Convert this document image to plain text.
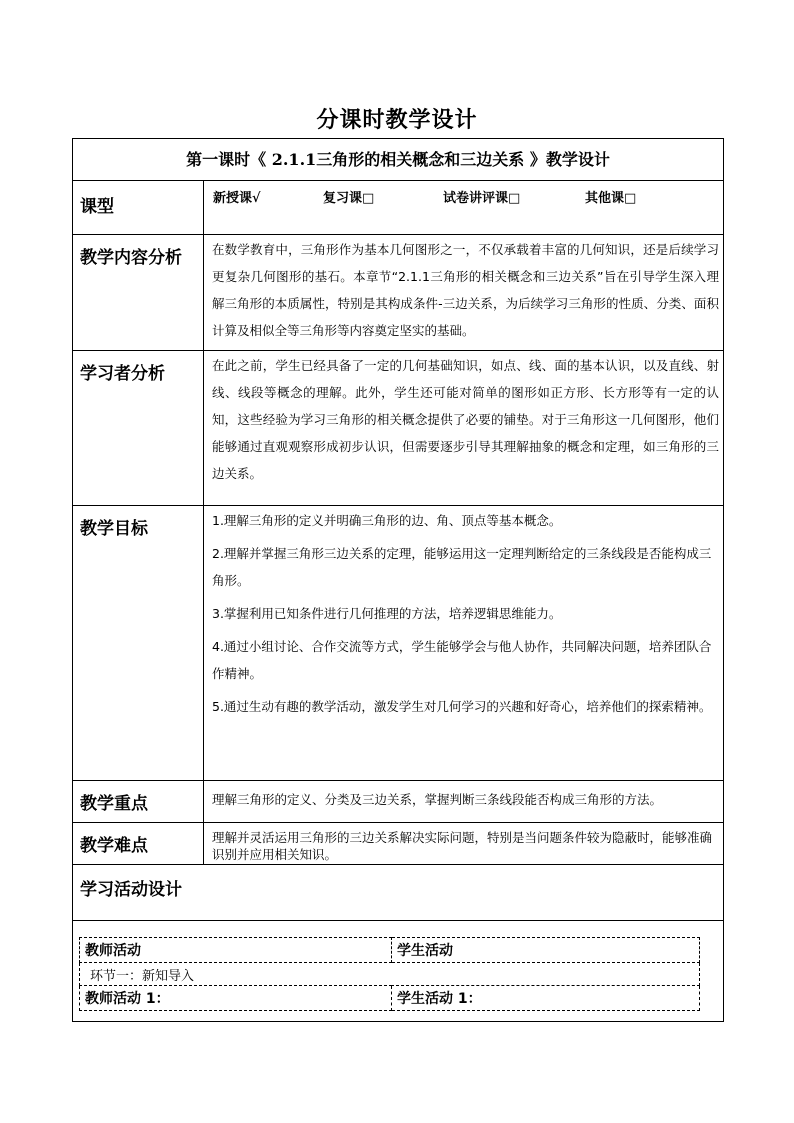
分课时教学设计
第一课时《 2.1.1三角形的相关概念和三边关系 》教学设计
课型	新授课√	复习课□	试卷讲评课□	其他课□

教学内容分析	在数学教育中，三角形作为基本几何图形之一，不仅承载着丰富的几何知识，还是后续学习更复杂几何图形的基石。本章节“2.1.1三角形的相关概念和三边关系”旨在引导学生深入理解三角形的本质属性，特别是其构成条件-三边关系，为后续学习三角形的性质、分类、面积计算及相似全等三角形等内容奠定坚实的基础。

学习者分析	在此之前，学生已经具备了一定的几何基础知识，如点、线、面的基本认识，以及直线、射线、线段等概念的理解。此外，学生还可能对简单的图形如正方形、长方形等有一定的认知，这些经验为学习三角形的相关概念提供了必要的铺垫。对于三角形这一几何图形，他们能够通过直观观察形成初步认识，但需要逐步引导其理解抽象的概念和定理，如三角形的三边关系。

教学目标	1.理解三角形的定义并明确三角形的边、角、顶点等基本概念。

2.理解并掌握三角形三边关系的定理，能够运用这一定理判断给定的三条线段是否能构成三角形。

3.掌握利用已知条件进行几何推理的方法，培养逻辑思维能力。

4.通过小组讨论、合作交流等方式，学生能够学会与他人协作，共同解决问题，培养团队合作精神。

5.通过生动有趣的教学活动，激发学生对几何学习的兴趣和好奇心，培养他们的探索精神。

教学重点	理解三角形的定义、分类及三边关系，掌握判断三条线段能否构成三角形的方法。

教学难点	理解并灵活运用三角形的三边关系解决实际问题，特别是当问题条件较为隐蔽时，能够准确识别并应用相关知识。

学习活动设计

教师活动	学生活动
环节一：新知导入
教师活动 1：	学生活动 1：
